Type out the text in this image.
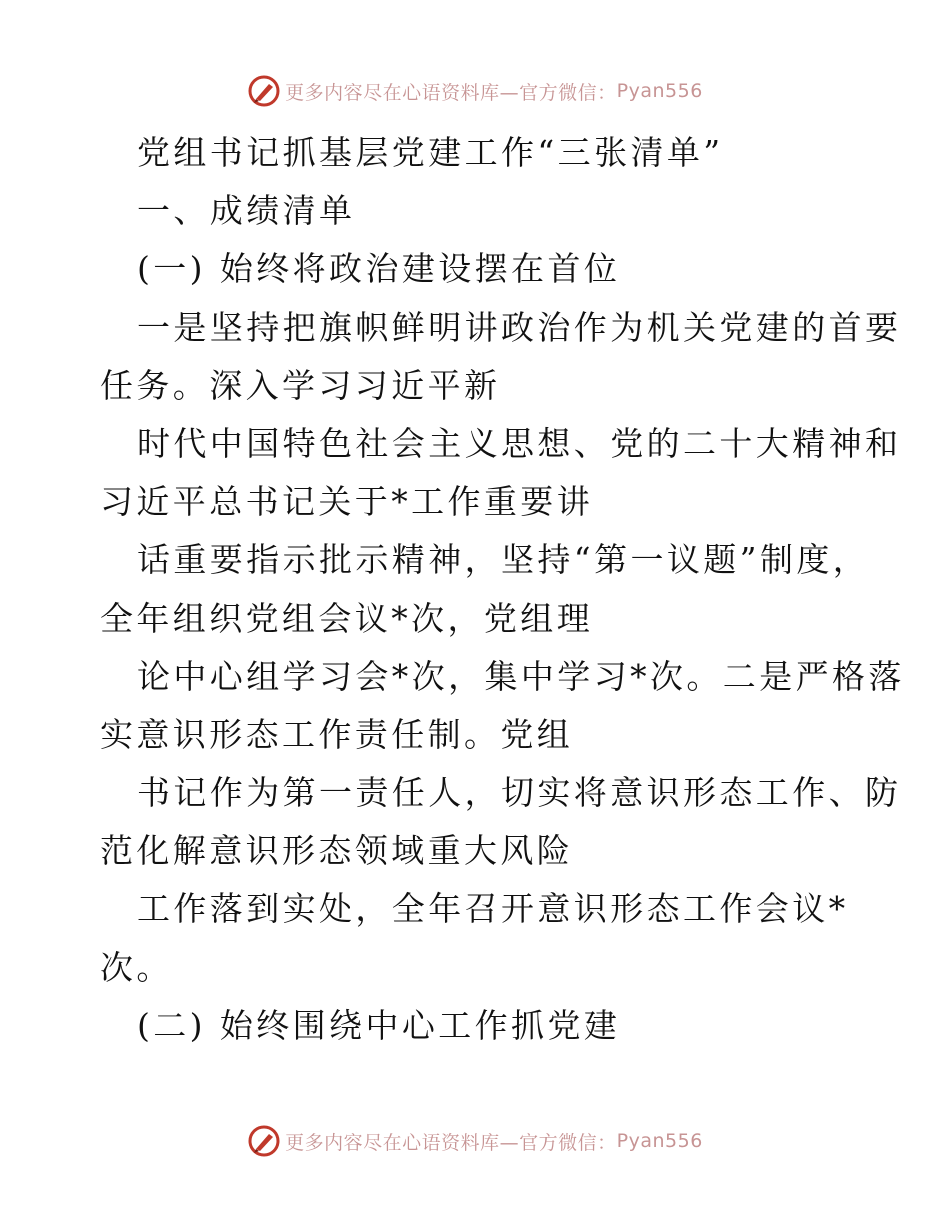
更多内容尽在心语资料库—官方微信： Pyan556
党组书记抓基层党建工作“三张清单”
一、成绩清单
(一) 始终将政治建设摆在首位
一是坚持把旗帜鲜明讲政治作为机关党建的首要
任务。深入学习习近平新
时代中国特色社会主义思想、党的二十大精神和
习近平总书记关于*工作重要讲
话重要指示批示精神，坚持“第一议题”制度，
全年组织党组会议*次，党组理
论中心组学习会*次，集中学习*次。二是严格落
实意识形态工作责任制。党组
书记作为第一责任人，切实将意识形态工作、防
范化解意识形态领域重大风险
工作落到实处，全年召开意识形态工作会议*
次。
(二) 始终围绕中心工作抓党建
更多内容尽在心语资料库—官方微信： Pyan556
